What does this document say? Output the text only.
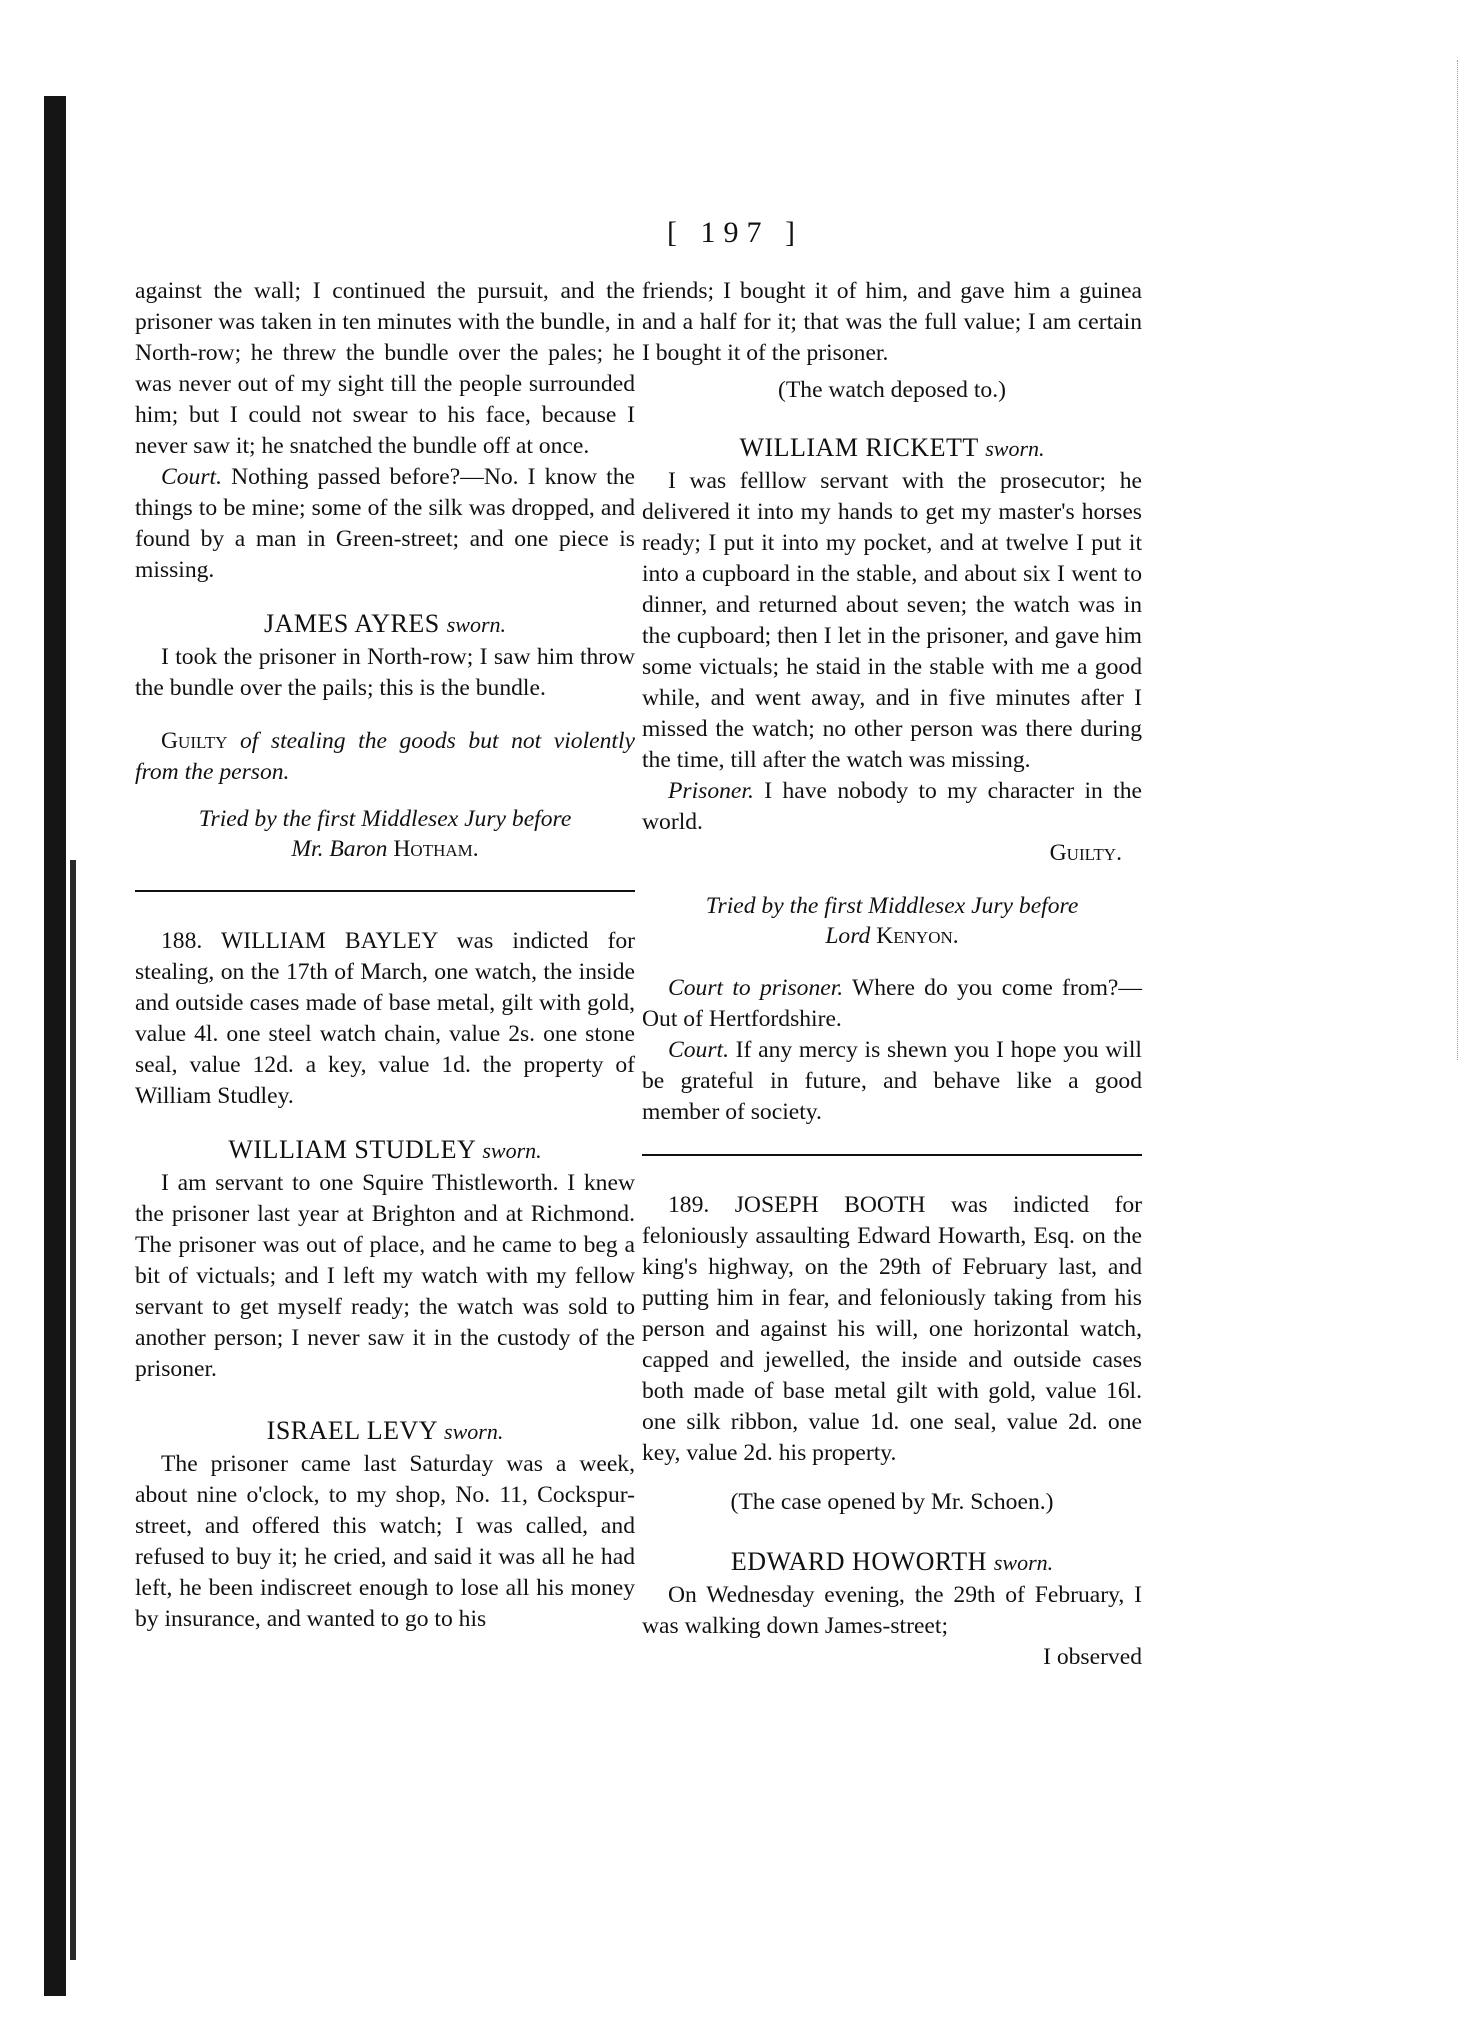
[ 197 ]

against the wall; I continued the pursuit, and the prisoner was taken in ten minutes with the bundle, in North-row; he threw the bundle over the pales; he was never out of my sight till the people surrounded him; but I could not swear to his face, because I never saw it; he snatched the bundle off at once.

Court. Nothing passed before?—No. I know the things to be mine; some of the silk was dropped, and found by a man in Green-street; and one piece is missing.

JAMES AYRES sworn.

I took the prisoner in North-row; I saw him throw the bundle over the pails; this is the bundle.

Guilty of stealing the goods but not violently from the person.

Tried by the first Middlesex Jury before
Mr. Baron Hotham.

188. WILLIAM BAYLEY was indicted for stealing, on the 17th of March, one watch, the inside and outside cases made of base metal, gilt with gold, value 4l. one steel watch chain, value 2s. one stone seal, value 12d. a key, value 1d. the property of William Studley.

WILLIAM STUDLEY sworn.

I am servant to one Squire Thistleworth. I knew the prisoner last year at Brighton and at Richmond. The prisoner was out of place, and he came to beg a bit of victuals; and I left my watch with my fellow servant to get myself ready; the watch was sold to another person; I never saw it in the custody of the prisoner.

ISRAEL LEVY sworn.

The prisoner came last Saturday was a week, about nine o'clock, to my shop, No. 11, Cockspur-street, and offered this watch; I was called, and refused to buy it; he cried, and said it was all he had left, he been indiscreet enough to lose all his money by insurance, and wanted to go to his

friends; I bought it of him, and gave him a guinea and a half for it; that was the full value; I am certain I bought it of the prisoner.

(The watch deposed to.)

WILLIAM RICKETT sworn.

I was felllow servant with the prosecutor; he delivered it into my hands to get my master's horses ready; I put it into my pocket, and at twelve I put it into a cupboard in the stable, and about six I went to dinner, and returned about seven; the watch was in the cupboard; then I let in the prisoner, and gave him some victuals; he staid in the stable with me a good while, and went away, and in five minutes after I missed the watch; no other person was there during the time, till after the watch was missing.

Prisoner. I have nobody to my character in the world.

Guilty.

Tried by the first Middlesex Jury before
Lord Kenyon.

Court to prisoner. Where do you come from?—Out of Hertfordshire.

Court. If any mercy is shewn you I hope you will be grateful in future, and behave like a good member of society.

189. JOSEPH BOOTH was indicted for feloniously assaulting Edward Howarth, Esq. on the king's highway, on the 29th of February last, and putting him in fear, and feloniously taking from his person and against his will, one horizontal watch, capped and jewelled, the inside and outside cases both made of base metal gilt with gold, value 16l. one silk ribbon, value 1d. one seal, value 2d. one key, value 2d. his property.

(The case opened by Mr. Schoen.)

EDWARD HOWORTH sworn.

On Wednesday evening, the 29th of February, I was walking down James-street;

I observed
